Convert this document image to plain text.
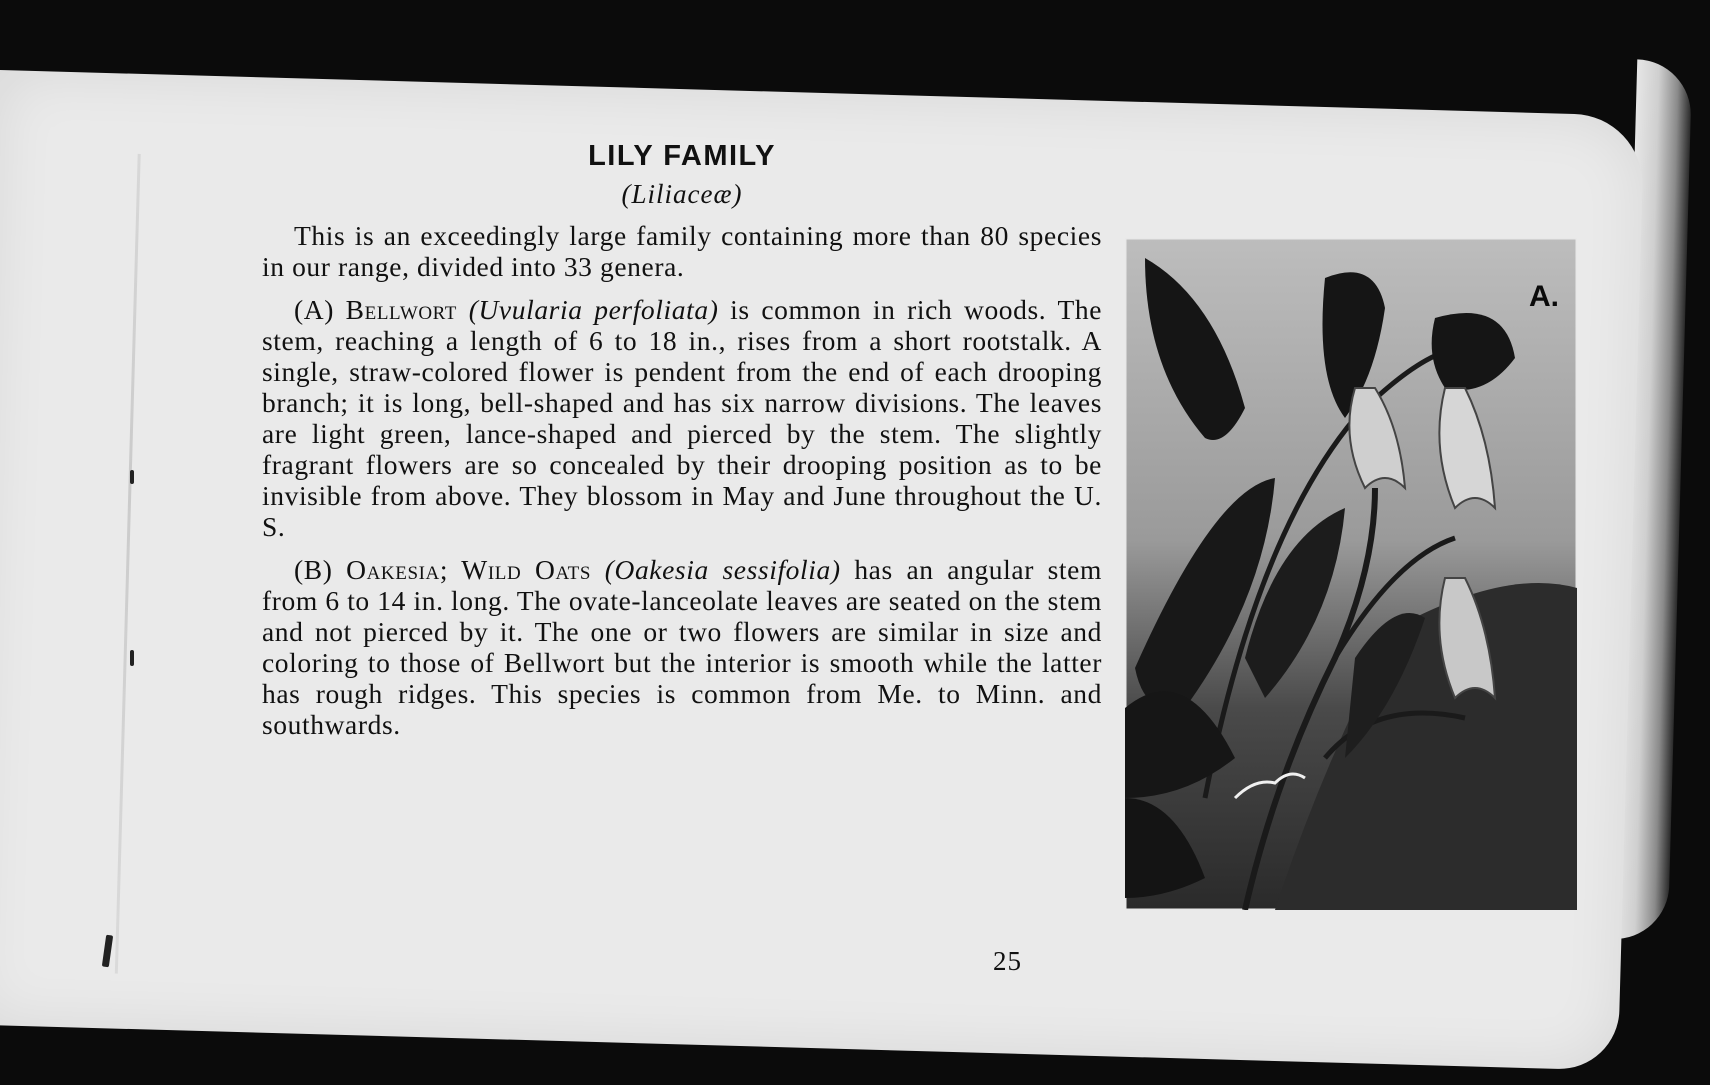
LILY FAMILY
(Liliaceæ)

This is an exceedingly large family containing more than 80 species in our range, divided into 33 genera.

(A) Bellwort (Uvularia perfoliata) is common in rich woods. The stem, reaching a length of 6 to 18 in., rises from a short rootstalk. A single, straw-colored flower is pendent from the end of each drooping branch; it is long, bell-shaped and has six narrow divisions. The leaves are light green, lance-shaped and pierced by the stem. The slightly fragrant flowers are so concealed by their drooping position as to be invisible from above. They blossom in May and June throughout the U. S.

(B) Oakesia; Wild Oats (Oakesia sessifolia) has an angular stem from 6 to 14 in. long. The ovate-lanceolate leaves are seated on the stem and not pierced by it. The one or two flowers are similar in size and coloring to those of Bellwort but the interior is smooth while the latter has rough ridges. This species is common from Me. to Minn. and southwards.

A.
25
